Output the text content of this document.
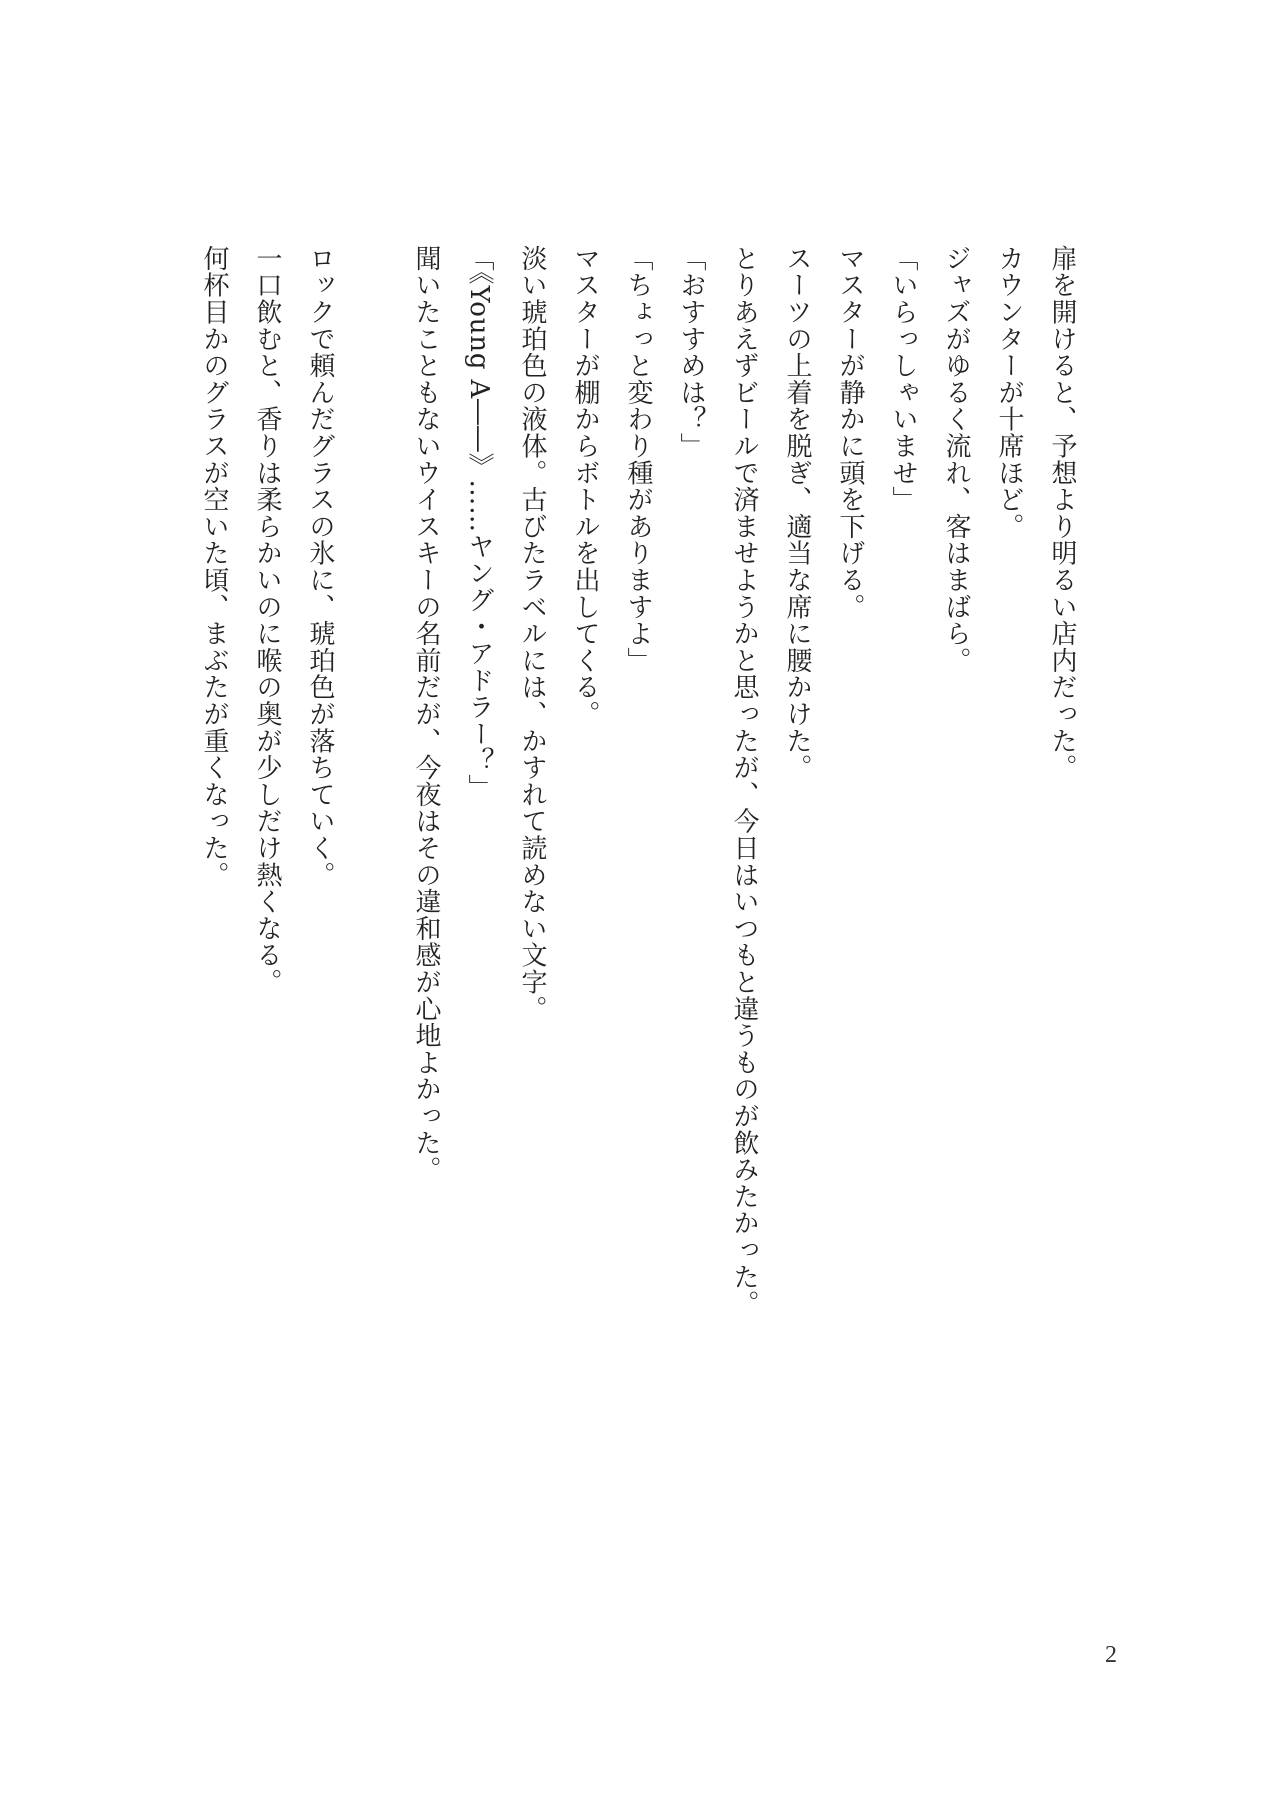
扉を開けると、予想より明るい店内だった。
カウンターが十席ほど。
ジャズがゆるく流れ、客はまばら。
「いらっしゃいませ」
マスターが静かに頭を下げる。
スーツの上着を脱ぎ、適当な席に腰かけた。
とりあえずビールで済ませようかと思ったが、今日はいつもと違うものが飲みたかった。
「おすすめは？」
「ちょっと変わり種がありますよ」
マスターが棚からボトルを出してくる。
淡い琥珀色の液体。古びたラベルには、かすれて読めない文字。
「《Young A――》……ヤング・アドラー？」
聞いたこともないウイスキーの名前だが、今夜はその違和感が心地よかった。
ロックで頼んだグラスの氷に、琥珀色が落ちていく。
一口飲むと、香りは柔らかいのに喉の奥が少しだけ熱くなる。
何杯目かのグラスが空いた頃、まぶたが重くなった。
2
